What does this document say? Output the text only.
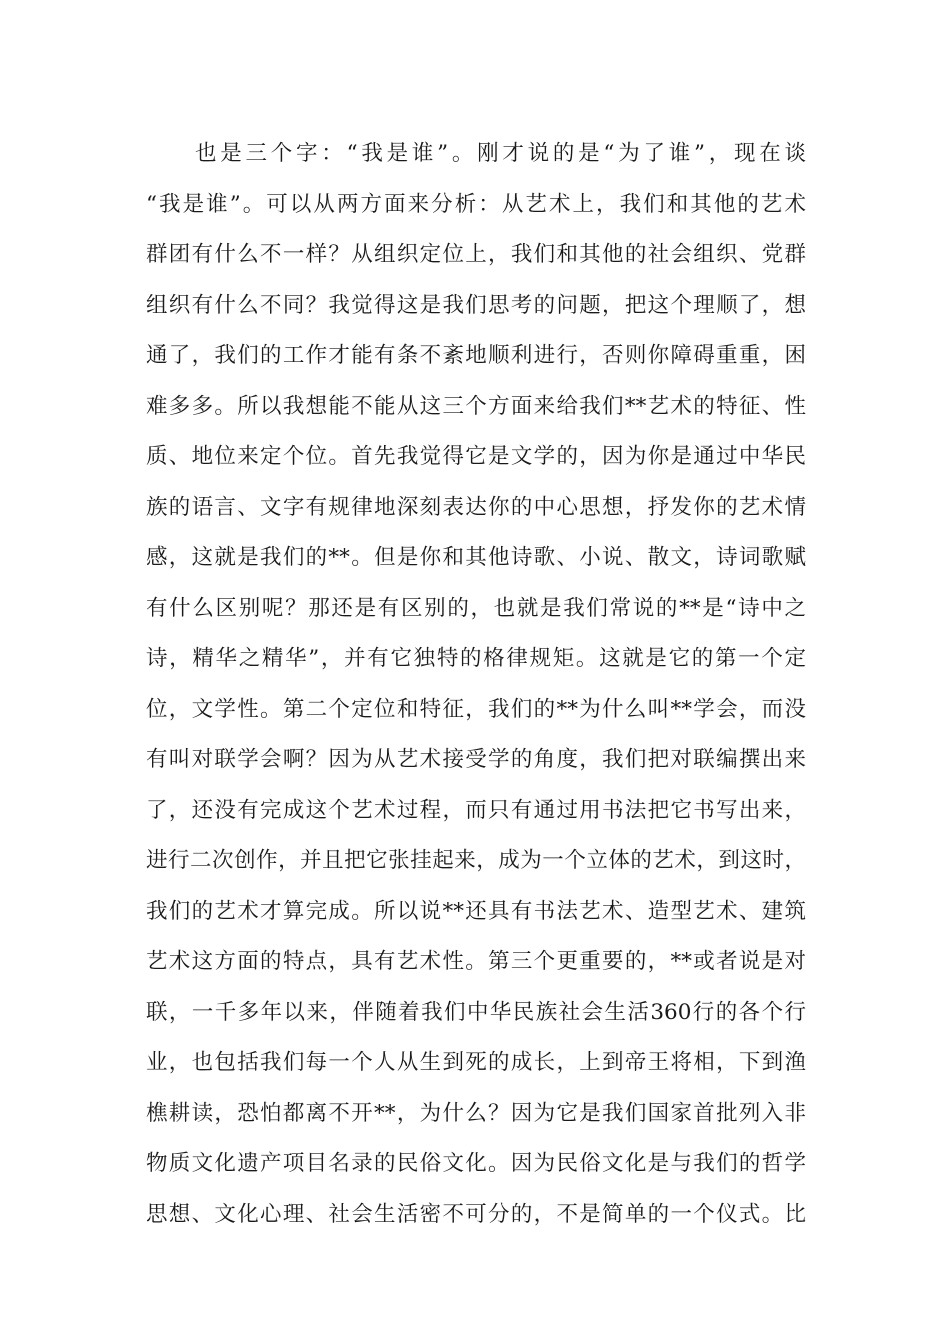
也是三个字：“我是谁”。刚才说的是“为了谁”，现在谈
“我是谁”。可以从两方面来分析：从艺术上，我们和其他的艺术
群团有什么不一样？从组织定位上，我们和其他的社会组织、党群
组织有什么不同？我觉得这是我们思考的问题，把这个理顺了，想
通了，我们的工作才能有条不紊地顺利进行，否则你障碍重重，困
难多多。所以我想能不能从这三个方面来给我们**艺术的特征、性
质、地位来定个位。首先我觉得它是文学的，因为你是通过中华民
族的语言、文字有规律地深刻表达你的中心思想，抒发你的艺术情
感，这就是我们的**。但是你和其他诗歌、小说、散文，诗词歌赋
有什么区别呢？那还是有区别的，也就是我们常说的**是“诗中之
诗，精华之精华”，并有它独特的格律规矩。这就是它的第一个定
位，文学性。第二个定位和特征，我们的**为什么叫**学会，而没
有叫对联学会啊？因为从艺术接受学的角度，我们把对联编撰出来
了，还没有完成这个艺术过程，而只有通过用书法把它书写出来，
进行二次创作，并且把它张挂起来，成为一个立体的艺术，到这时，
我们的艺术才算完成。所以说**还具有书法艺术、造型艺术、建筑
艺术这方面的特点，具有艺术性。第三个更重要的，**或者说是对
联，一千多年以来，伴随着我们中华民族社会生活360行的各个行
业，也包括我们每一个人从生到死的成长，上到帝王将相，下到渔
樵耕读，恐怕都离不开**，为什么？因为它是我们国家首批列入非
物质文化遗产项目名录的民俗文化。因为民俗文化是与我们的哲学
思想、文化心理、社会生活密不可分的，不是简单的一个仪式。比
